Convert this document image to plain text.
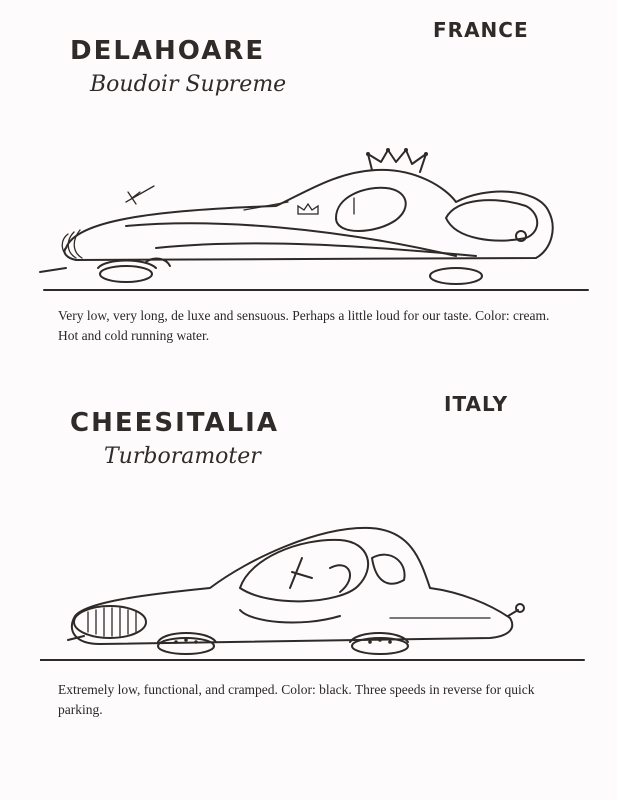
DELAHOARE
Boudoir Supreme
FRANCE

Very low, very long, de luxe and sensuous. Perhaps a little loud for our taste. Color: cream. Hot and cold running water.

CHEESITALIA
Turboramoter
ITALY

Extremely low, functional, and cramped. Color: black. Three speeds in reverse for quick parking.
